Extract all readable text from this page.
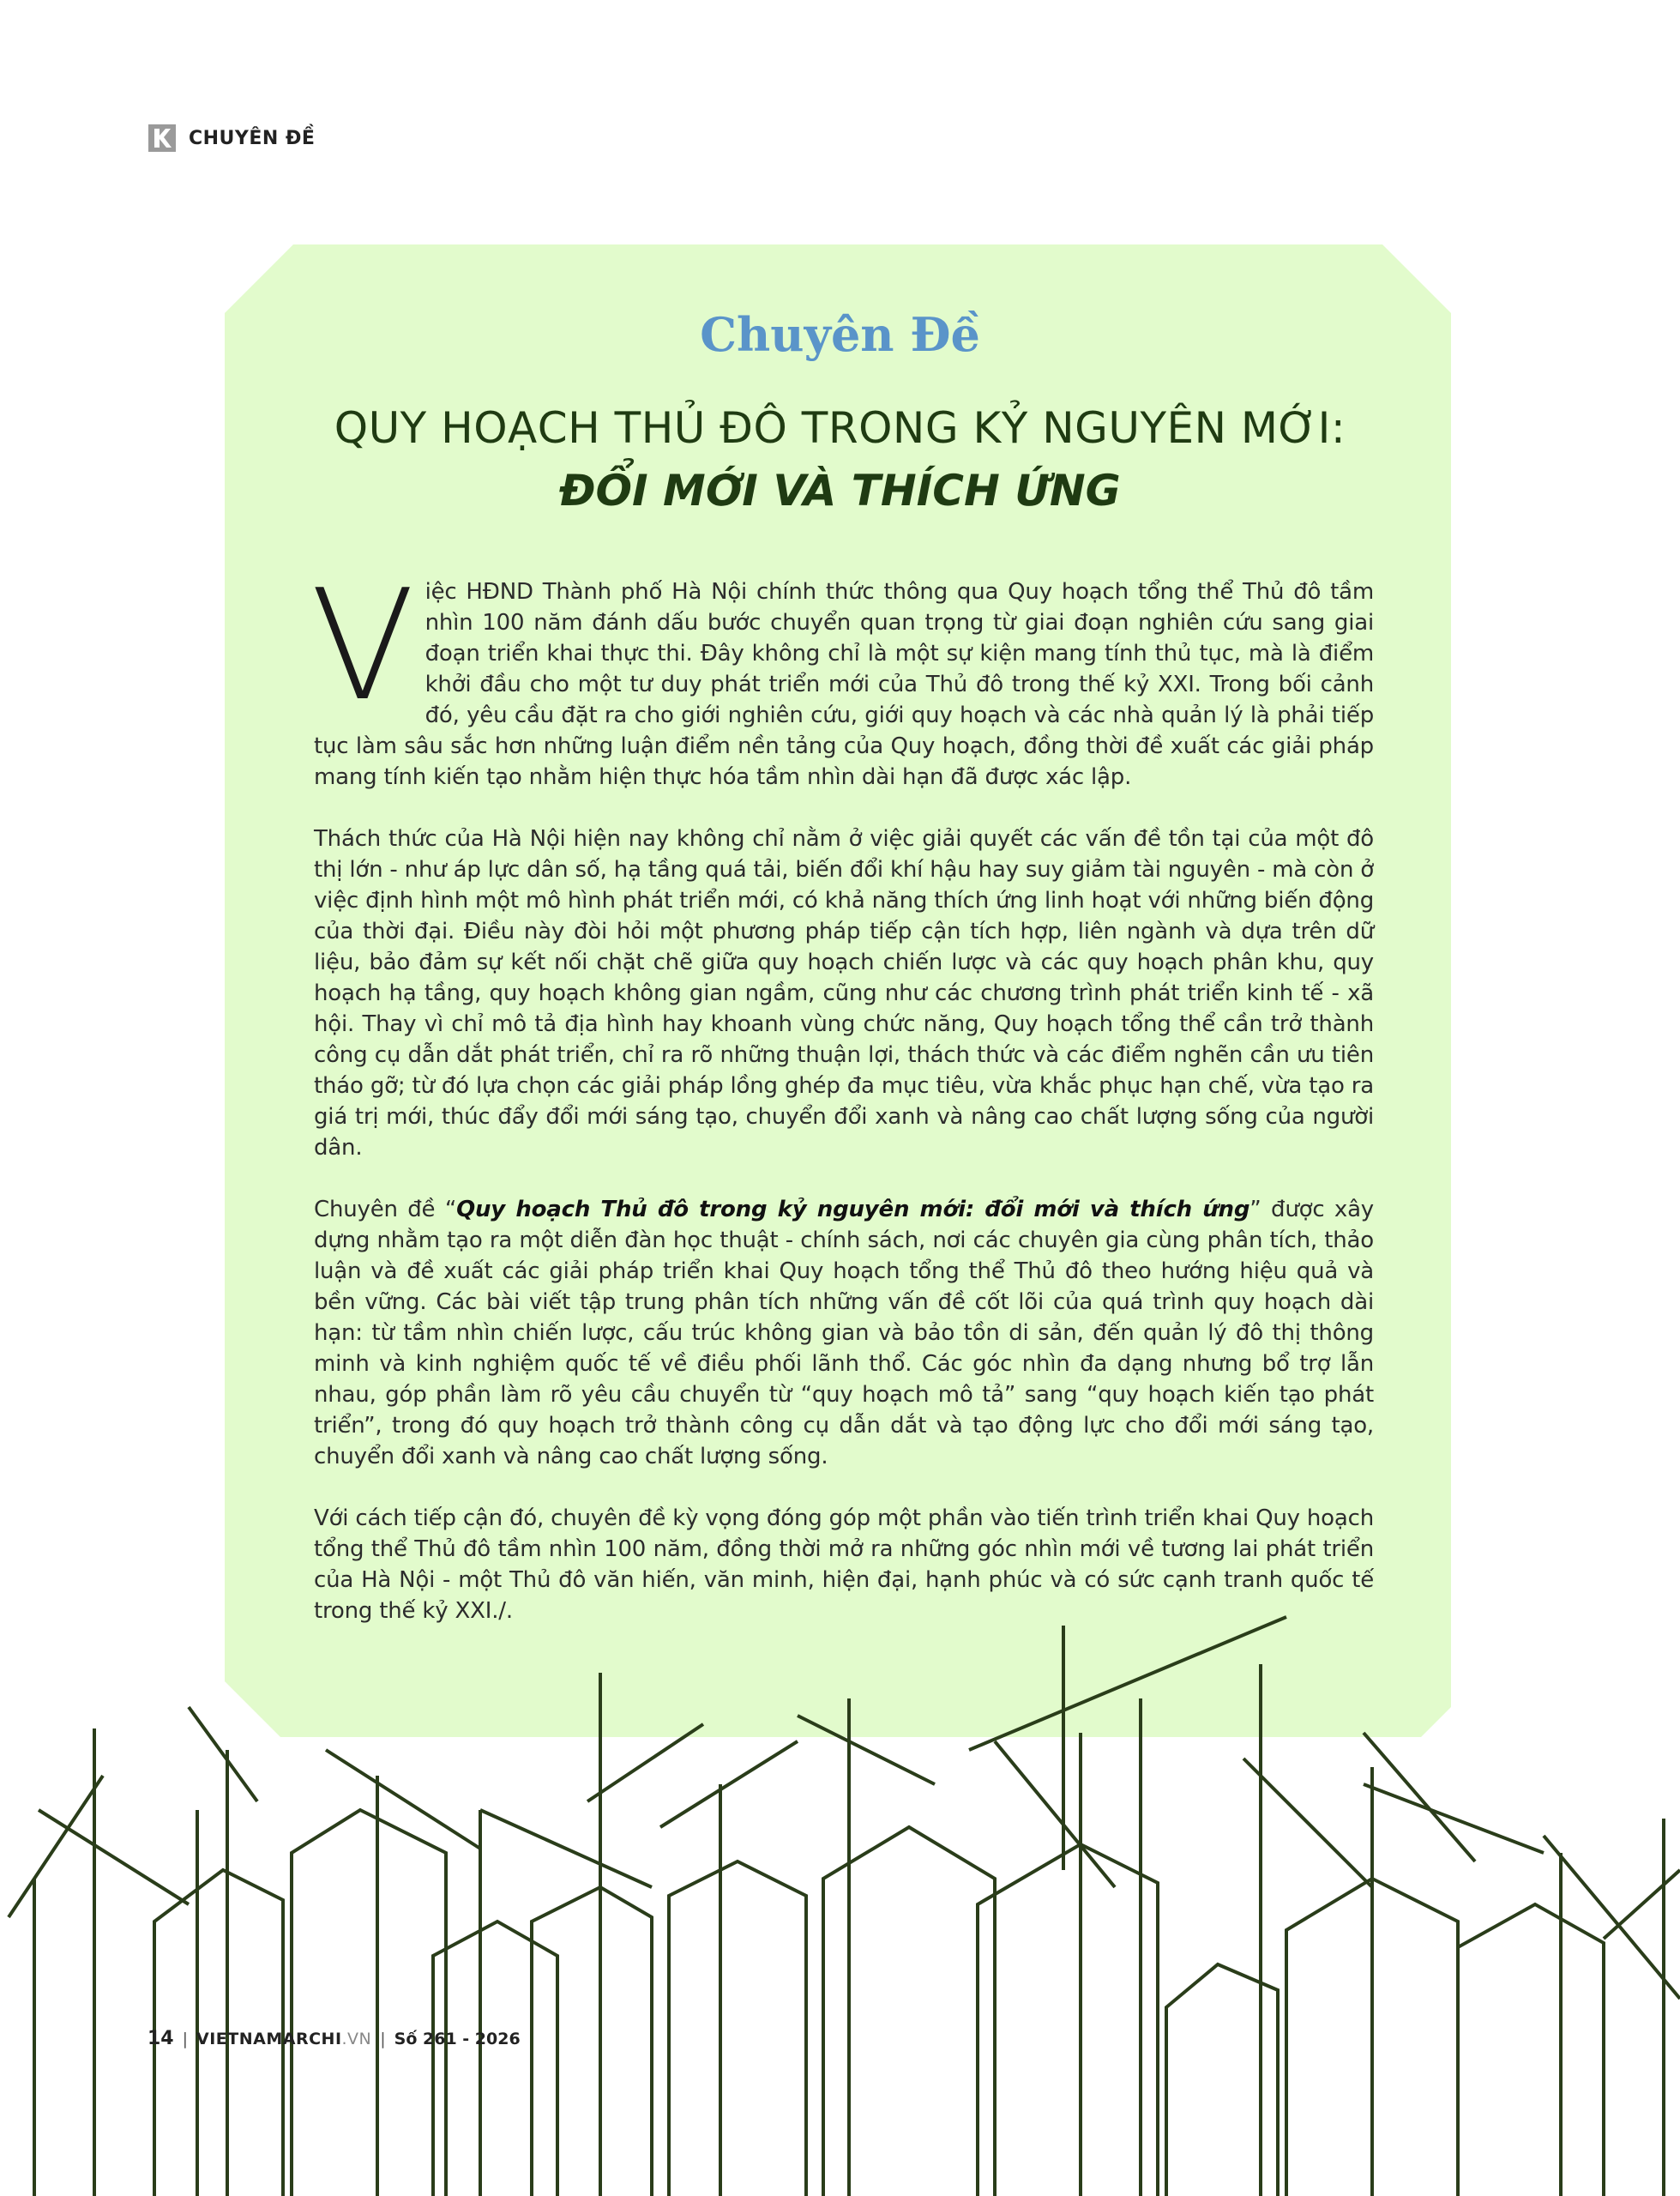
CHUYÊN ĐỀ
Chuyên Đề
QUY HOẠCH THỦ ĐÔ TRONG KỶ NGUYÊN MỚI:
ĐỔI MỚI VÀ THÍCH ỨNG

Việc HĐND Thành phố Hà Nội chính thức thông qua Quy hoạch tổng thể Thủ đô tầm nhìn 100 năm đánh dấu bước chuyển quan trọng từ giai đoạn nghiên cứu sang giai đoạn triển khai thực thi. Đây không chỉ là một sự kiện mang tính thủ tục, mà là điểm khởi đầu cho một tư duy phát triển mới của Thủ đô trong thế kỷ XXI. Trong bối cảnh đó, yêu cầu đặt ra cho giới nghiên cứu, giới quy hoạch và các nhà quản lý là phải tiếp tục làm sâu sắc hơn những luận điểm nền tảng của Quy hoạch, đồng thời đề xuất các giải pháp mang tính kiến tạo nhằm hiện thực hóa tầm nhìn dài hạn đã được xác lập.

Thách thức của Hà Nội hiện nay không chỉ nằm ở việc giải quyết các vấn đề tồn tại của một đô thị lớn - như áp lực dân số, hạ tầng quá tải, biến đổi khí hậu hay suy giảm tài nguyên - mà còn ở việc định hình một mô hình phát triển mới, có khả năng thích ứng linh hoạt với những biến động của thời đại. Điều này đòi hỏi một phương pháp tiếp cận tích hợp, liên ngành và dựa trên dữ liệu, bảo đảm sự kết nối chặt chẽ giữa quy hoạch chiến lược và các quy hoạch phân khu, quy hoạch hạ tầng, quy hoạch không gian ngầm, cũng như các chương trình phát triển kinh tế - xã hội. Thay vì chỉ mô tả địa hình hay khoanh vùng chức năng, Quy hoạch tổng thể cần trở thành công cụ dẫn dắt phát triển, chỉ ra rõ những thuận lợi, thách thức và các điểm nghẽn cần ưu tiên tháo gỡ; từ đó lựa chọn các giải pháp lồng ghép đa mục tiêu, vừa khắc phục hạn chế, vừa tạo ra giá trị mới, thúc đẩy đổi mới sáng tạo, chuyển đổi xanh và nâng cao chất lượng sống của người dân.

Chuyên đề “Quy hoạch Thủ đô trong kỷ nguyên mới: đổi mới và thích ứng” được xây dựng nhằm tạo ra một diễn đàn học thuật - chính sách, nơi các chuyên gia cùng phân tích, thảo luận và đề xuất các giải pháp triển khai Quy hoạch tổng thể Thủ đô theo hướng hiệu quả và bền vững. Các bài viết tập trung phân tích những vấn đề cốt lõi của quá trình quy hoạch dài hạn: từ tầm nhìn chiến lược, cấu trúc không gian và bảo tồn di sản, đến quản lý đô thị thông minh và kinh nghiệm quốc tế về điều phối lãnh thổ. Các góc nhìn đa dạng nhưng bổ trợ lẫn nhau, góp phần làm rõ yêu cầu chuyển từ “quy hoạch mô tả” sang “quy hoạch kiến tạo phát triển”, trong đó quy hoạch trở thành công cụ dẫn dắt và tạo động lực cho đổi mới sáng tạo, chuyển đổi xanh và nâng cao chất lượng sống.

Với cách tiếp cận đó, chuyên đề kỳ vọng đóng góp một phần vào tiến trình triển khai Quy hoạch tổng thể Thủ đô tầm nhìn 100 năm, đồng thời mở ra những góc nhìn mới về tương lai phát triển của Hà Nội - một Thủ đô văn hiến, văn minh, hiện đại, hạnh phúc và có sức cạnh tranh quốc tế trong thế kỷ XXI./.

14 | VIETNAMARCHI .VN | Số 261 - 2026
